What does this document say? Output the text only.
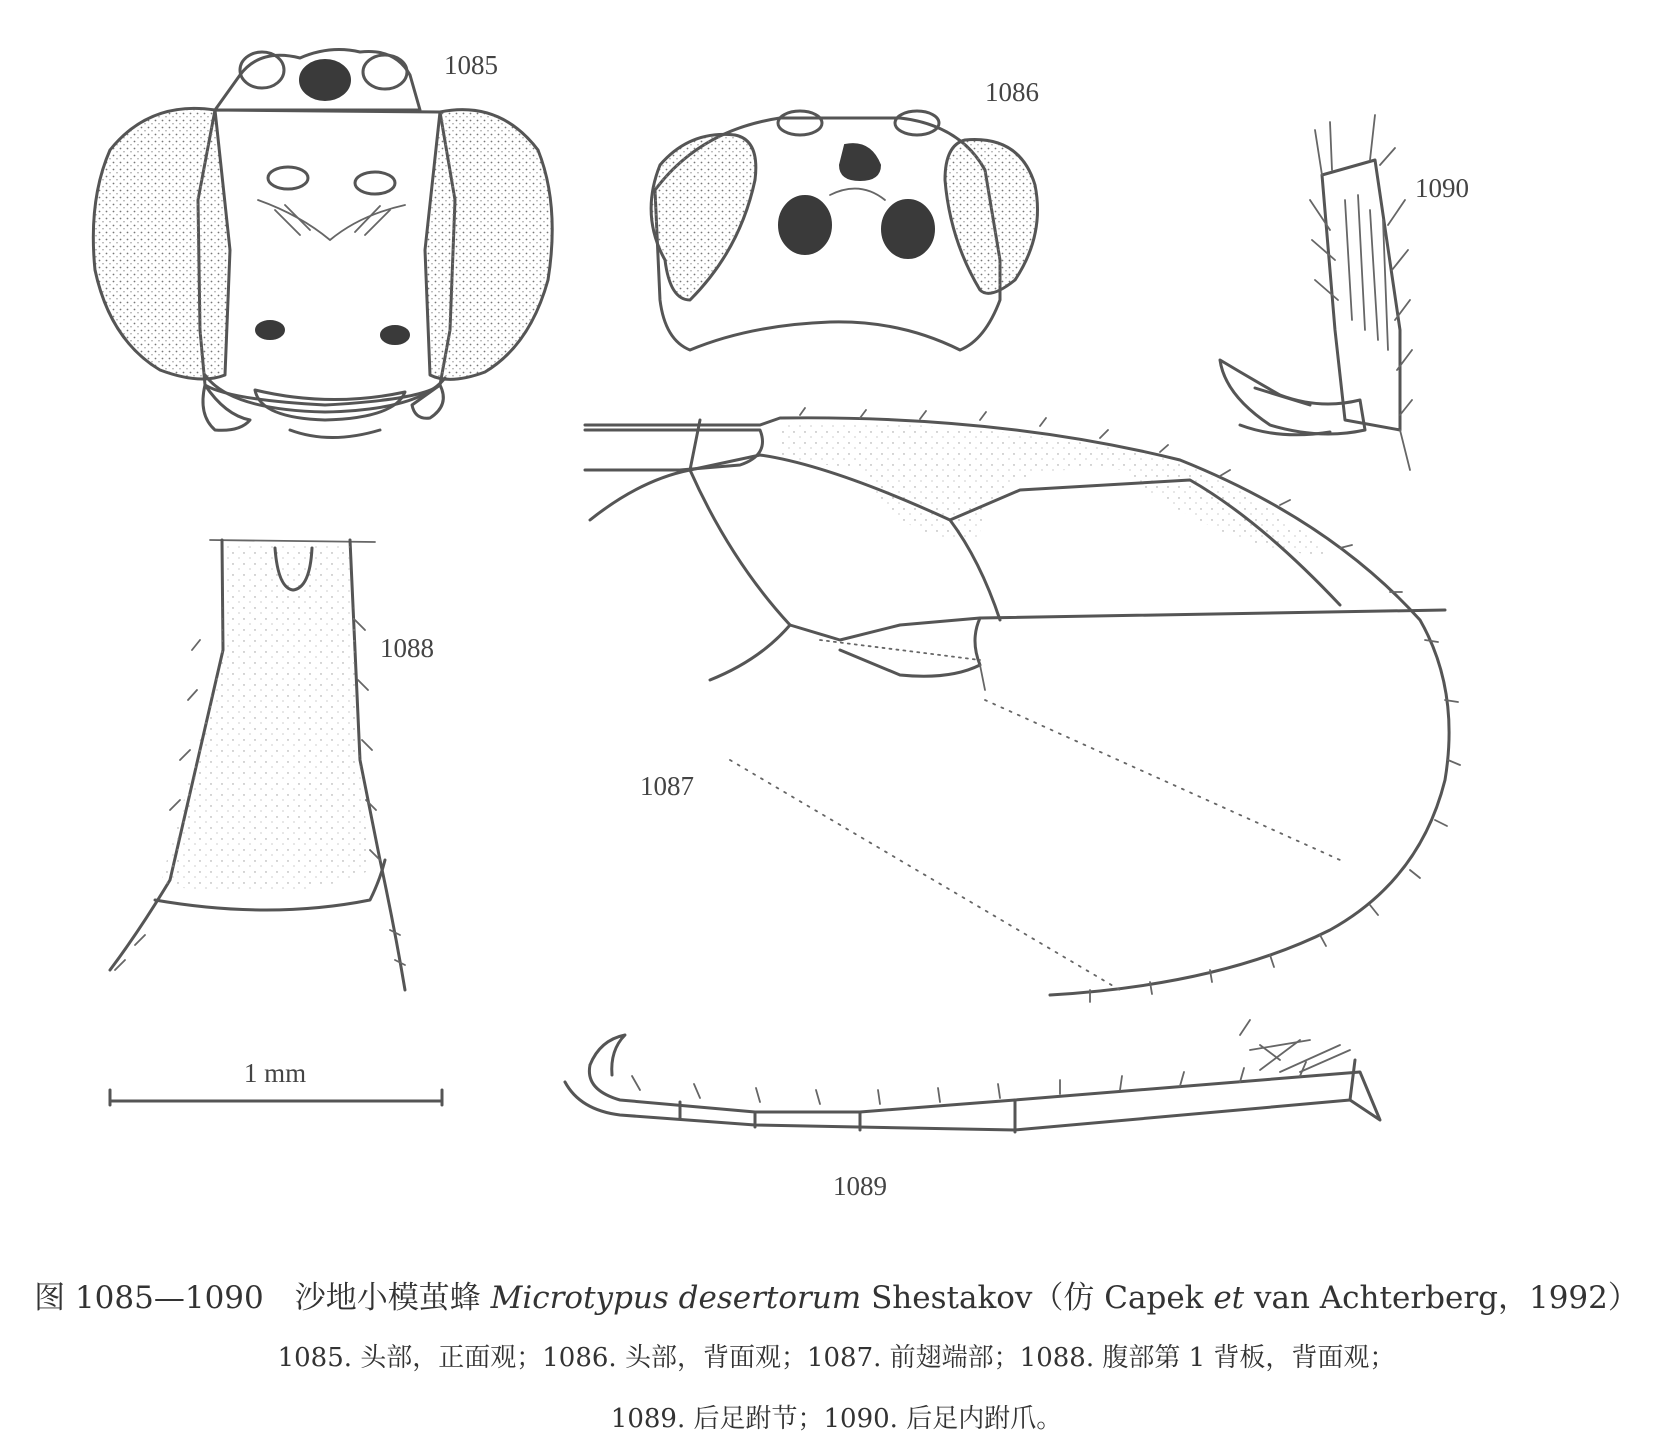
1085
1086
1090
1087
1088
1 mm
1089
图 1085—1090　沙地小模茧蜂 Microtypus desertorum Shestakov（仿 Capek et van Achterberg，1992）
1085. 头部，正面观；1086. 头部，背面观；1087. 前翅端部；1088. 腹部第 1 背板，背面观；
1089. 后足跗节；1090. 后足内跗爪。
